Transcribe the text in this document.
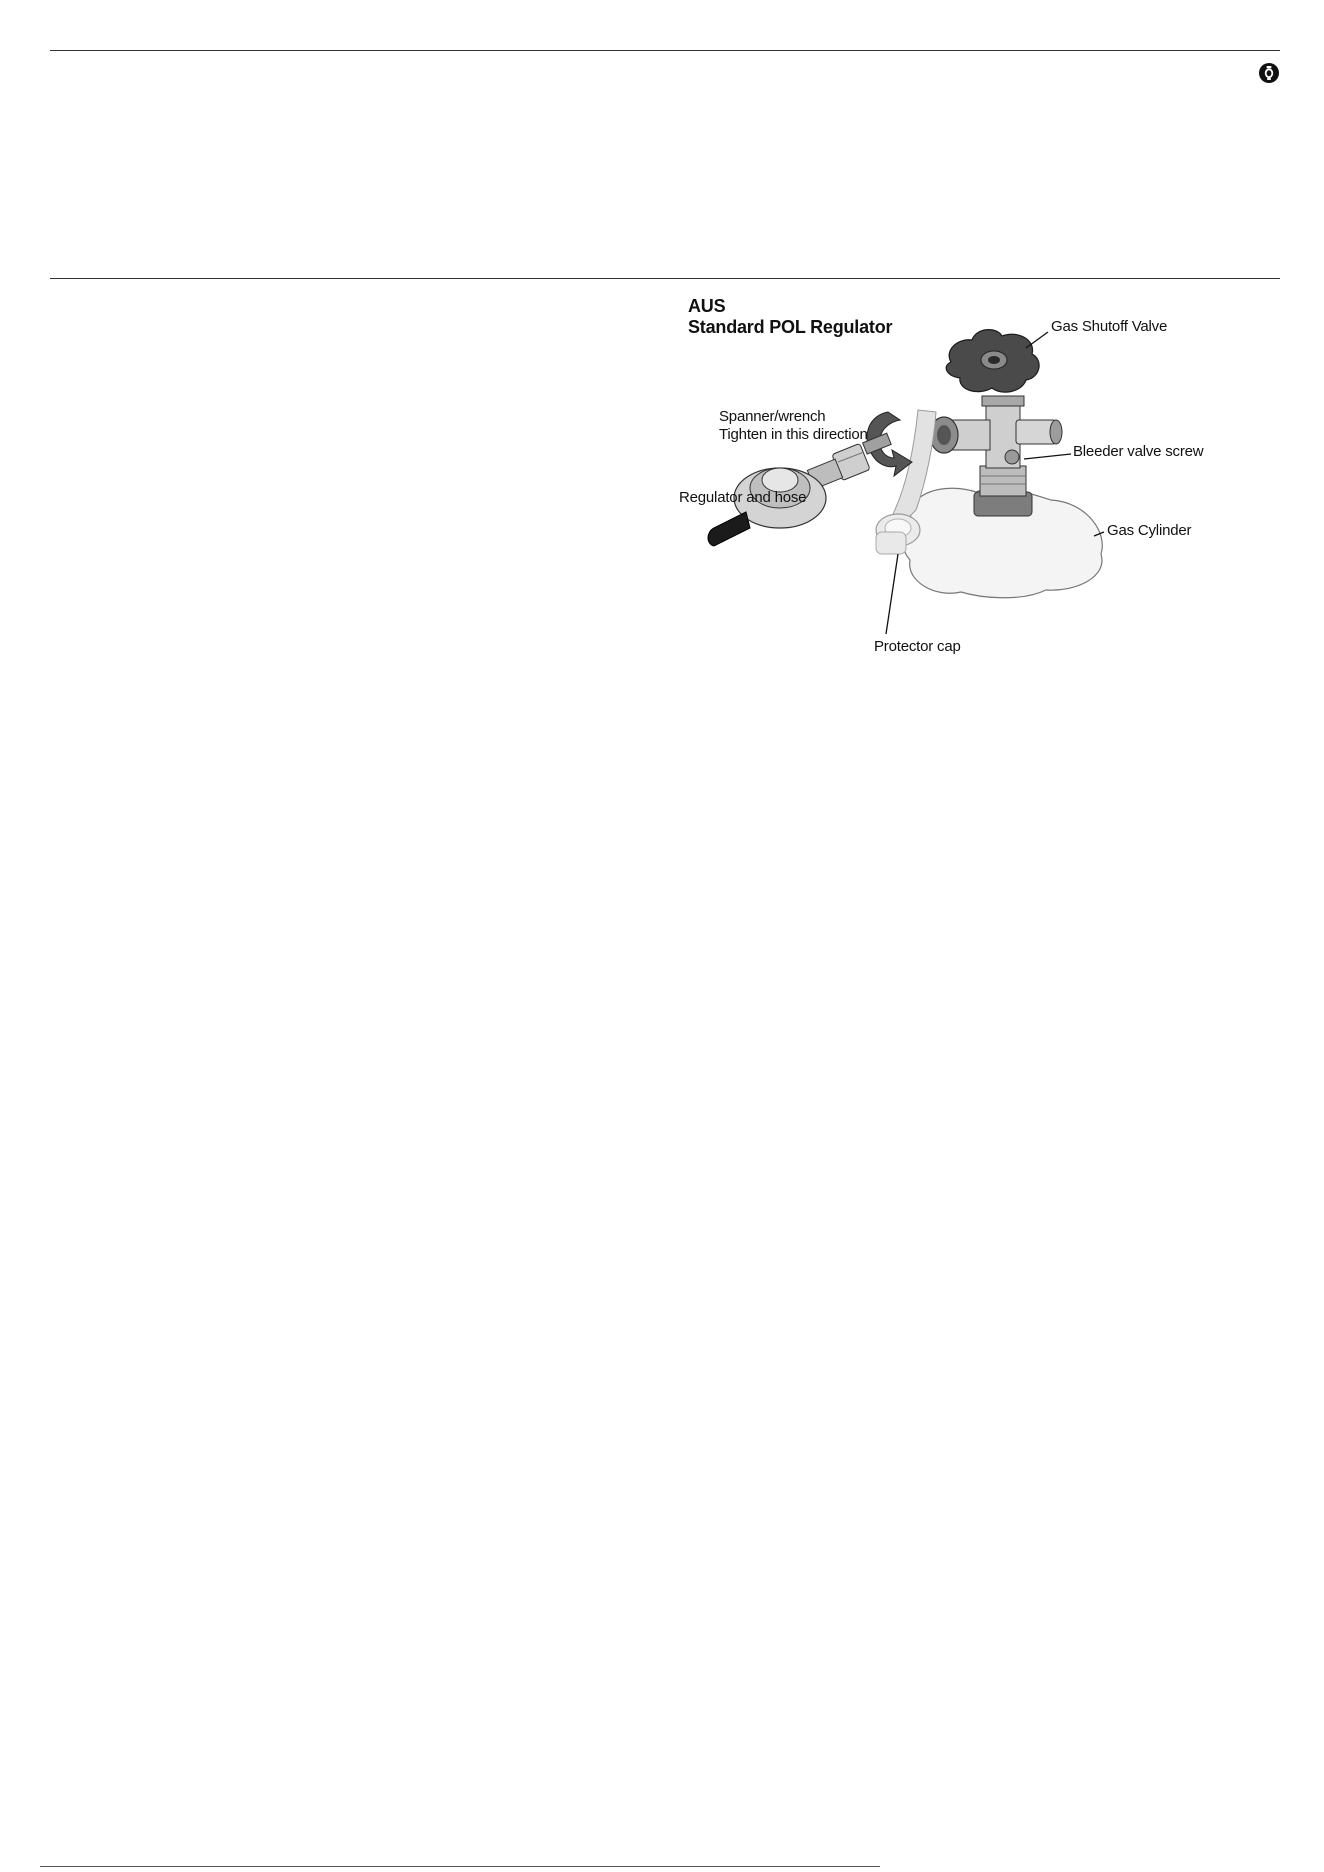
AUS
Standard POL Regulator	Gas Shutoff Valve
Spanner/wrench
Tighten in this direction
Bleeder valve screw
Regulator and hose
Gas Cylinder
Protector cap
